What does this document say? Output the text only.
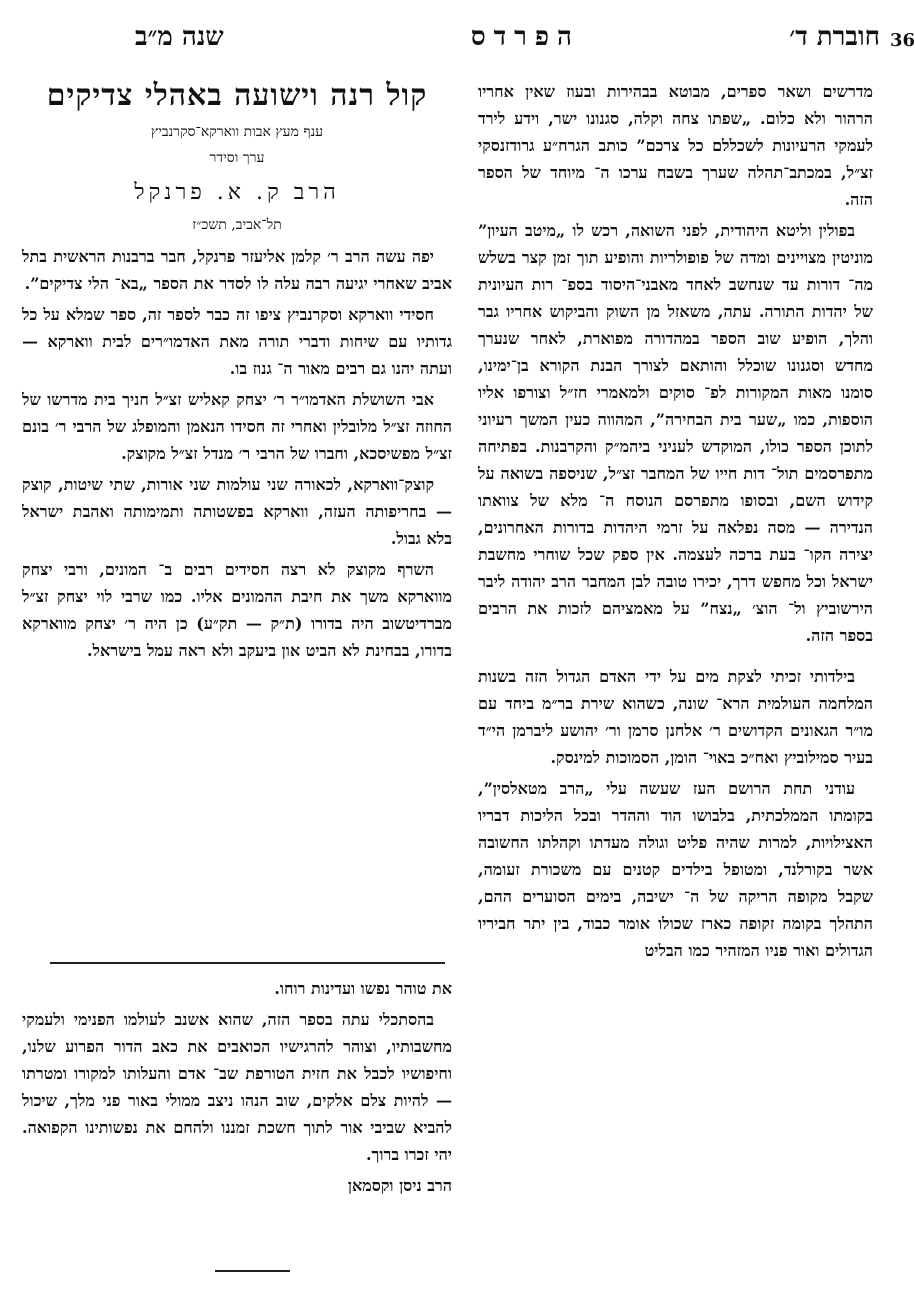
36
חוברת ד׳
הפרדס
שנה מ״ב

מדרשים ושאר ספרים, מבוטא בבהירות ובעוז שאין אחריו הרהור ולא כלום. „שפתו צחה וקלה, סגנונו ישר, וידע לירד לעמקי הרעיונות לשכללם כל צרכם” כותב הגרח״ע גרודזנסקי זצ״ל, במכתב־תהלה שערך בשבח ערכו ה־ מיוחד של הספר הזה.

בפולין וליטא היהודית, לפני השואה, רכש לו „מיטב העיון” מוניטין מצויינים ומדה של פופולריות והופיע תוך זמן קצר בשלש מה־ דורות עד שנחשב לאחד מאבני־היסוד בספ־ רות העיונית של יהדות התורה. עתה, משאזל מן השוק והביקוש אחריו גבר והלך, הופיע שוב הספר במהדורה מפוארת, לאחר שנערך מחדש וסגנונו שוכלל והותאם לצורך הבנת הקורא בן־ימינו, סומנו מאות המקורות לפ־ סוקים ולמאמרי חז״ל וצורפו אליו הוספות, כמו „שער בית הבחירה”, המהווה כעין המשך רעיוני לתוכן הספר כולו, המוקדש לעניני ביהמ״ק והקרבנות. בפתיחה מתפרסמים תול־ דות חייו של המחבר זצ״ל, שניספה בשואה על קידוש השם, ובסופו מתפרסם הנוסח ה־ מלא של צוואתו הנדירה — מסה נפלאה על זרמי היהדות בדורות האחרונים, יצירה הקו־ בעת ברכה לעצמה. אין ספק שכל שוחרי מחשבת ישראל וכל מחפש דרך, יכירו טובה לבן המחבר הרב יהודה ליבר הירשוביץ ול־ הוצ׳ „נצח” על מאמציהם לזכות את הרבים בספר הזה.

בילדותי זכיתי לצקת מים על ידי האדם הגדול הזה בשנות המלחמה העולמית הרא־ שונה, כשהוא שירת בר״מ ביחד עם מו״ר הגאונים הקדושים ר׳ אלחנן סרמן ור׳ יהושע ליברמן הי״ד בעיר סמילוביץ ואח״כ באוי־ הומן, הסמוכות למינסק.

עודני תחת הרושם העז שעשה עלי „הרב מטאלסין”, בקומתו הממלכתית, בלבושו הוד וההדר ובכל הליכות דבריו האצילויות, למרות שהיה פליט וגולה מעדתו וקהלתו החשובה אשר בקורלנד, ומטופל בילדים קטנים עם משכורת זעומה, שקבל מקופה הריקה של ה־ ישיבה, בימים הסוערים ההם, התהלך בקומה זקופה כארז שכולו אומר כבוד, בין יתר חביריו הגדולים ואור פניו המזהיר כמו הבליט

קול רנה וישועה באהלי צדיקים

ענף מעץ אבות ווארקא־סקרנביץ

ערך וסידר

הרב ק. א. פרנקל

תל־אביב, תשכ״ז

יפה עשה הרב ר׳ קלמן אליעזר פרנקל, חבר ברבנות הראשית בתל אביב שאחרי יגיעה רבה עלה לו לסדר את הספר „בא־ הלי צדיקים”.

חסידי ווארקא וסקרנביץ ציפו זה כבר לספר זה, ספר שמלא על כל גדותיו עם שיחות ודברי תורה מאת האדמו״רים לבית ווארקא — ועתה יהנו גם רבים מאור ה־ גנוז בו.

אבי השושלת האדמו״ר ר׳ יצחק קאליש זצ״ל חניך בית מדרשו של החוזה זצ״ל מלובלין ואחרי זה חסידו הנאמן והמופלג של הרבי ר׳ בונם זצ״ל מפשיסכא, וחברו של הרבי ר׳ מנדל זצ״ל מקוצק.

קוצק־ווארקא, לכאורה שני עולמות שני אורות, שתי שיטות, קוצק — בחריפותה העזה, ווארקא בפשטותה ותמימותה ואהבת ישראל בלא גבול.

השרף מקוצק לא רצה חסידים רבים ב־ המונים, ורבי יצחק מווארקא משך את חיבת ההמונים אליו. כמו שרבי לוי יצחק זצ״ל מברדיטשוב היה בדורו (ת״ק — תק״ע) כן היה ר׳ יצחק מווארקא בדורו, בבחינת לא הביט און ביעקב ולא ראה עמל בישראל.

את טוהר נפשו ועדינות רוחו.

בהסתכלי עתה בספר הזה, שהוא אשנב לעולמו הפנימי ולעמקי מחשבותיו, וצוהר להרגישיו הכואבים את כאב הדור הפרוע שלנו, וחיפושיו לכבל את חזית הטורפת שב־ אדם והעלותו למקורו ומטרתו — להיות צלם אלקים, שוב הנהו ניצב ממולי באור פני מלך, שיכול להביא שביבי אור לתוך חשכת זמננו ולהחם את נפשותינו הקפואה. יהי זכרו ברוך.

הרב ניסן וקסמאן
